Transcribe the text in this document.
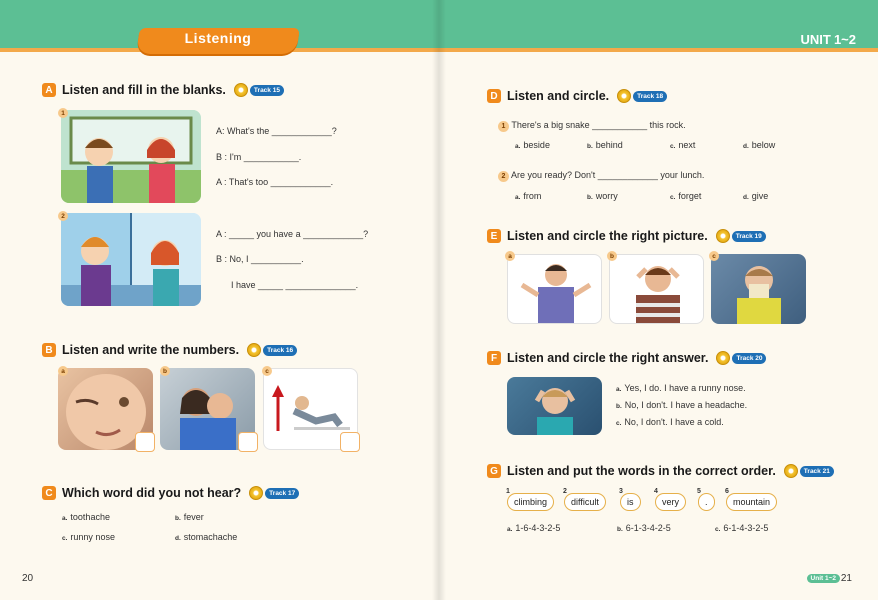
Listening
A Listen and fill in the blanks.	Track 15
1
A: What's the ____________?
B : I'm ___________.
A : That's too ____________.
2
A : _____ you have a ____________?
B : No, I __________.
I have _____ ______________.
B Listen and write the numbers.	Track 16
a	b	c
C Which word did you not hear?	Track 17
a. toothache	b. fever
c. runny nose	d. stomachache
20
UNIT 1~2
D Listen and circle.	Track 18
1 There's a big snake ___________ this rock.
a. beside	b. behind	c. next	d. below
2 Are you ready? Don't ____________ your lunch.
a. from	b. worry	c. forget	d. give
E Listen and circle the right picture.	Track 19
a	b	c
F Listen and circle the right answer.	Track 20
a. Yes, I do. I have a runny nose.
b. No, I don't. I have a headache.
c. No, I don't. I have a cold.
G Listen and put the words in the correct order.	Track 21
1
climbing
2
difficult
3
is
4
very
5
.
6
mountain
a. 1-6-4-3-2-5	b. 6-1-3-4-2-5	c. 6-1-4-3-2-5
Unit 1~2 21
